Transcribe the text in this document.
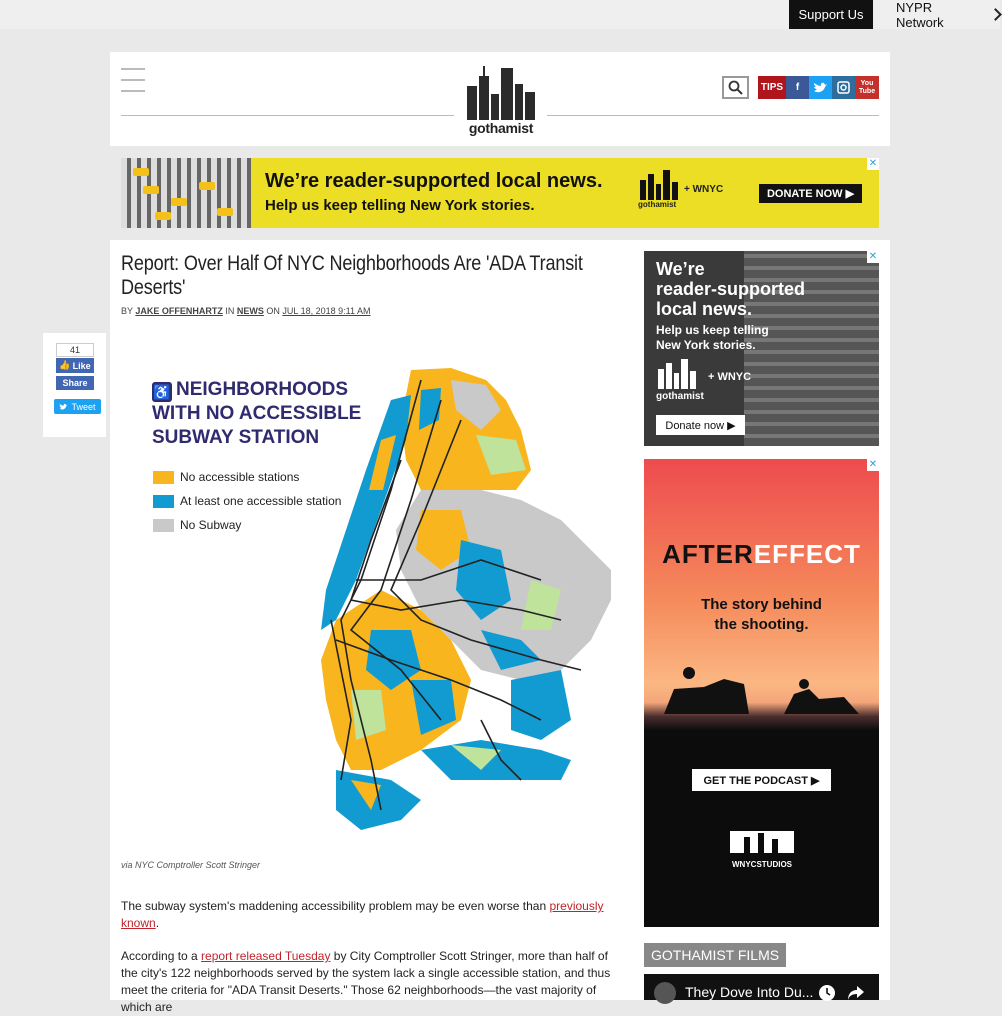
Support Us	NYPR Network
gothamist
TIPS	f	You Tube
We’re reader-supported local news.
Help us keep telling New York stories.	gothamist
+ WNYC	DONATE NOW ▶
✕
Report: Over Half Of NYC Neighborhoods Are 'ADA Transit Deserts'
BY JAKE OFFENHARTZ IN NEWS ON JUL 18, 2018 9:11 AM
♿ NEIGHBORHOODS
WITH NO ACCESSIBLE
SUBWAY STATION
No accessible stations
At least one accessible station
No Subway
via NYC Comptroller Scott Stringer
The subway system's maddening accessibility problem may be even worse than previously known.
According to a report released Tuesday by City Comptroller Scott Stringer, more than half of the city's 122 neighborhoods served by the system lack a single accessible station, and thus meet the criteria for "ADA Transit Deserts." Those 62 neighborhoods—the vast majority of which are
41
👍 Like
Share
Tweet
We’re
reader-supported
local news.
Help us keep telling
New York stories.
gothamist
+ WNYC
Donate now ▶
✕
AFTEREFFECT
The story behind
the shooting.
GET THE PODCAST ▶
WNYCSTUDIOS
✕
GOTHAMIST FILMS
They Dove Into Du...
